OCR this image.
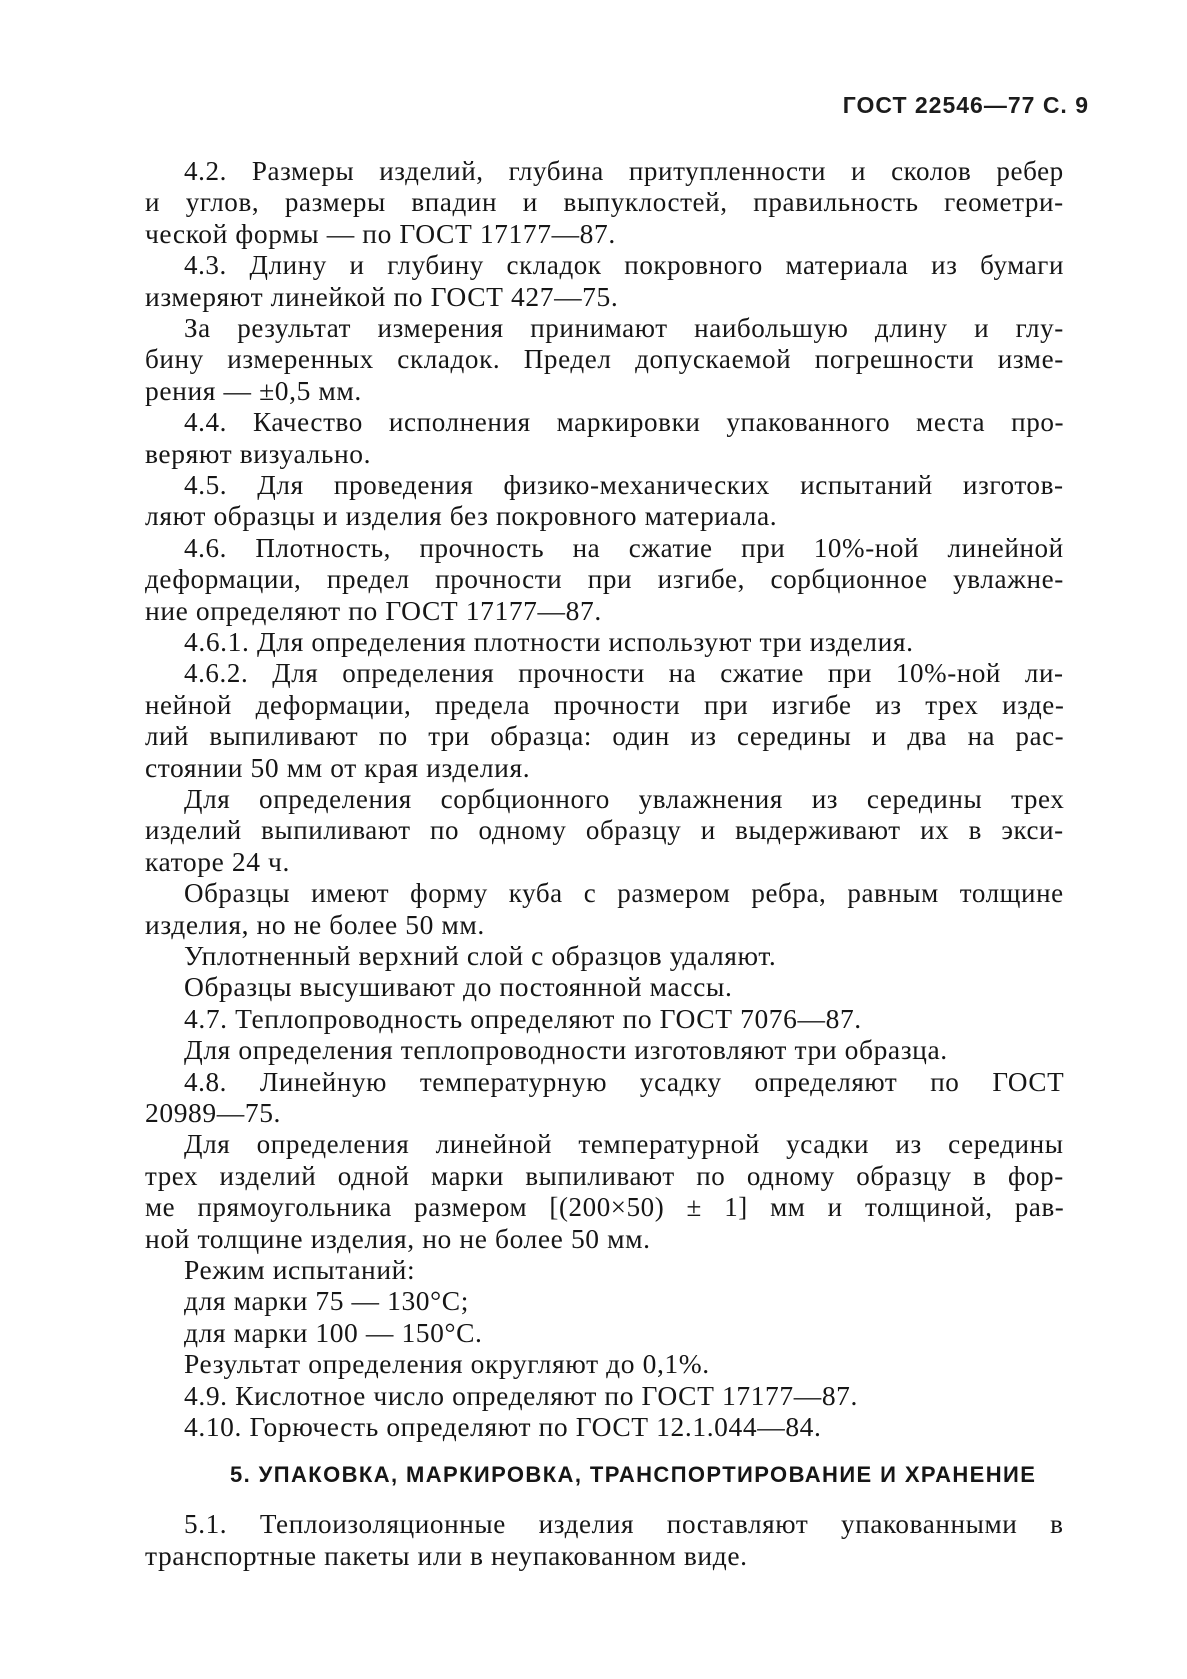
ГОСТ 22546—77 С. 9
4.2. Размеры изделий, глубина притупленности и сколов ребер
и углов, размеры впадин и выпуклостей, правильность геометри-
ческой формы — по ГОСТ 17177—87.
4.3. Длину и глубину складок покровного материала из бумаги
измеряют линейкой по ГОСТ 427—75.
За результат измерения принимают наибольшую длину и глу-
бину измеренных складок. Предел допускаемой погрешности изме-
рения — ±0,5 мм.
4.4. Качество исполнения маркировки упакованного места про-
веряют визуально.
4.5. Для проведения физико-механических испытаний изготов-
ляют образцы и изделия без покровного материала.
4.6. Плотность, прочность на сжатие при 10%-ной линейной
деформации, предел прочности при изгибе, сорбционное увлажне-
ние определяют по ГОСТ 17177—87.
4.6.1. Для определения плотности используют три изделия.
4.6.2. Для определения прочности на сжатие при 10%-ной ли-
нейной деформации, предела прочности при изгибе из трех изде-
лий выпиливают по три образца: один из середины и два на рас-
стоянии 50 мм от края изделия.
Для определения сорбционного увлажнения из середины трех
изделий выпиливают по одному образцу и выдерживают их в экси-
каторе 24 ч.
Образцы имеют форму куба с размером ребра, равным толщине
изделия, но не более 50 мм.
Уплотненный верхний слой с образцов удаляют.
Образцы высушивают до постоянной массы.
4.7. Теплопроводность определяют по ГОСТ 7076—87.
Для определения теплопроводности изготовляют три образца.
4.8. Линейную температурную усадку определяют по ГОСТ
20989—75.
Для определения линейной температурной усадки из середины
трех изделий одной марки выпиливают по одному образцу в фор-
ме прямоугольника размером [(200×50) ± 1] мм и толщиной, рав-
ной толщине изделия, но не более 50 мм.
Режим испытаний:
для марки 75 — 130°С;
для марки 100 — 150°С.
Результат определения округляют до 0,1%.
4.9. Кислотное число определяют по ГОСТ 17177—87.
4.10. Горючесть определяют по ГОСТ 12.1.044—84.
5. УПАКОВКА, МАРКИРОВКА, ТРАНСПОРТИРОВАНИЕ И ХРАНЕНИЕ
5.1. Теплоизоляционные изделия поставляют упакованными в
транспортные пакеты или в неупакованном виде.
